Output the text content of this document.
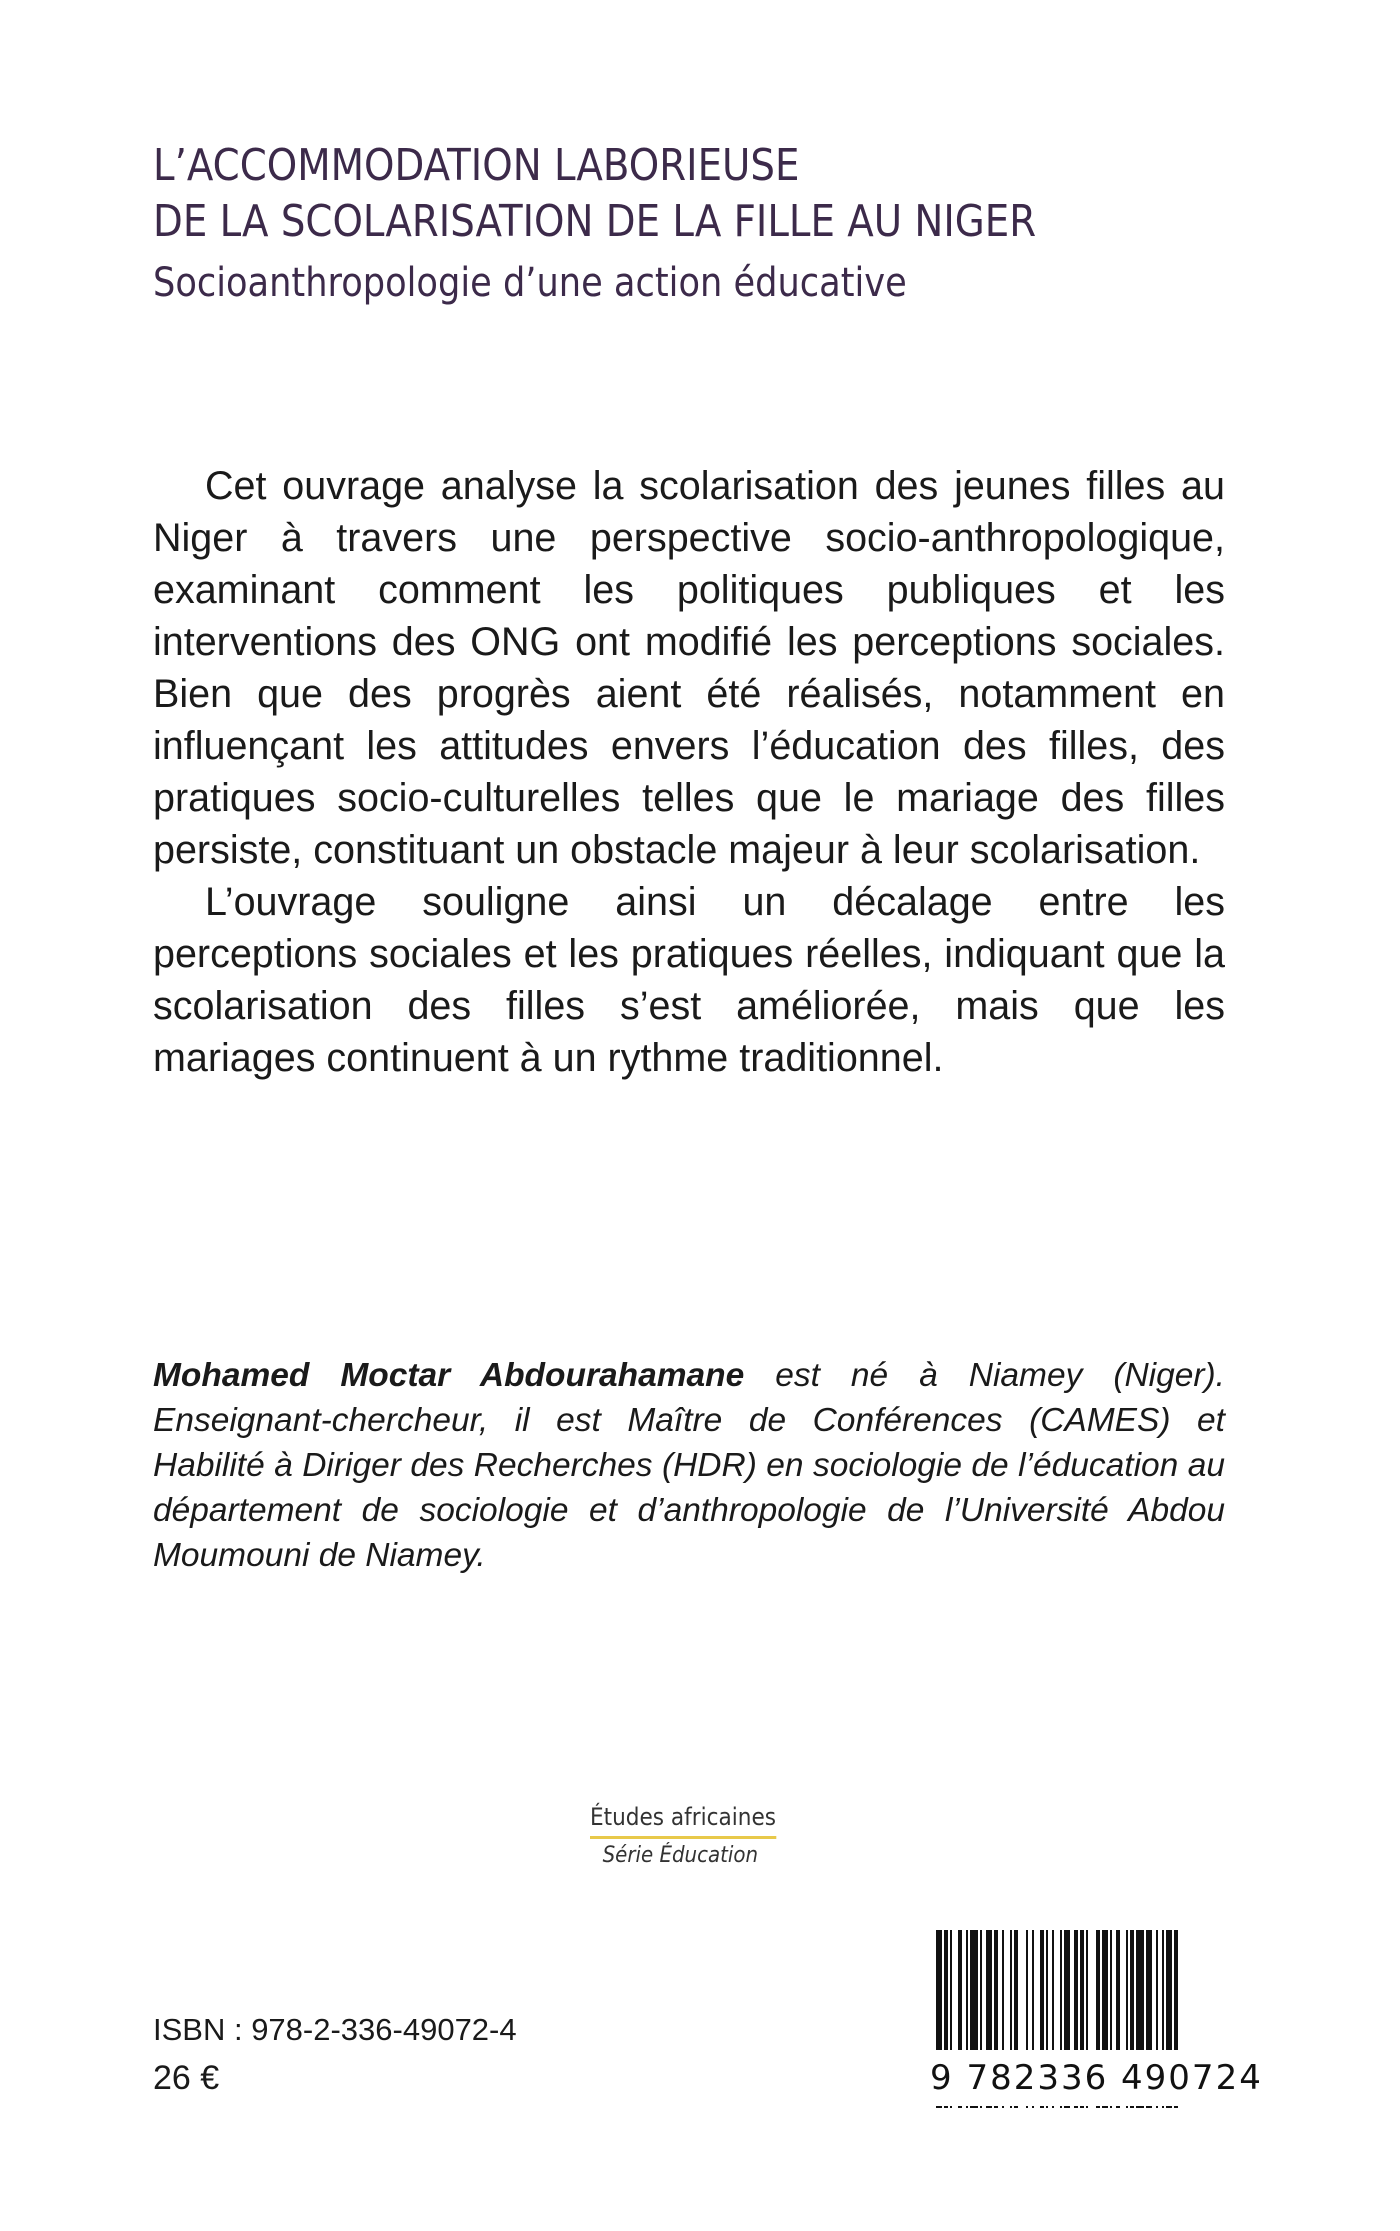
L’ACCOMMODATION LABORIEUSE
DE LA SCOLARISATION DE LA FILLE AU NIGER
Socioanthropologie d’une action éducative

Cet ouvrage analyse la scolarisation des jeunes filles au Niger à travers une perspective socio-anthropologique, examinant comment les politiques publiques et les interventions des ONG ont modifié les perceptions sociales. Bien que des progrès aient été réalisés, notamment en influençant les attitudes envers l’éducation des filles, des pratiques socio-culturelles telles que le mariage des filles persiste, constituant un obstacle majeur à leur scolarisation.

L’ouvrage souligne ainsi un décalage entre les perceptions sociales et les pratiques réelles, indiquant que la scolarisation des filles s’est améliorée, mais que les mariages continuent à un rythme traditionnel.

Mohamed Moctar Abdourahamane est né à Niamey (Niger). Enseignant-chercheur, il est Maître de Conférences (CAMES) et Habilité à Diriger des Recherches (HDR) en sociologie de l’éducation au département de sociologie et d’anthropologie de l’Université Abdou Moumouni de Niamey.
Études africaines
Série Éducation
ISBN : 978-2-336-49072-4
26 €	9 782336 490724
